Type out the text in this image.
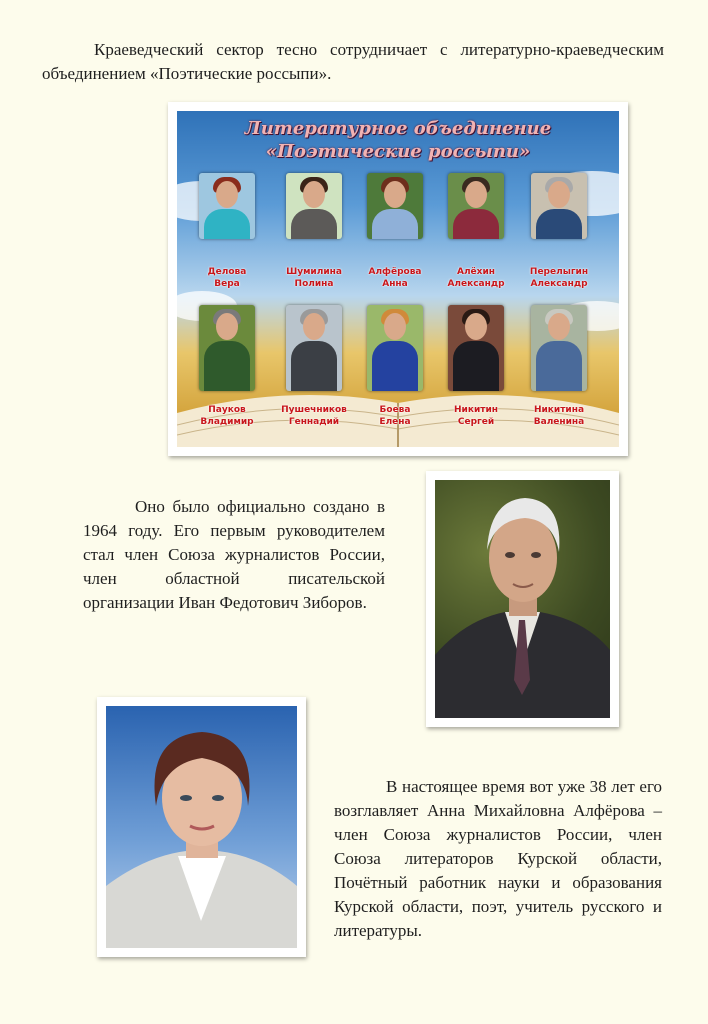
Краеведческий сектор тесно сотрудничает с литературно-краеведческим объединением «Поэтические россыпи».
Литературное объединение
«Поэтические россыпи»
Делова
Вера
Шумилина
Полина
Алфёрова
Анна
Алёхин
Александр
Перелыгин
Александр
Пауков
Владимир
Пушечников
Геннадий
Боева
Елена
Никитин
Сергей
Никитина
Валенина
Оно было официально создано в 1964 году. Его первым руководителем стал член Союза журналистов России, член областной писательской организации Иван Федотович Зиборов.
В настоящее время вот уже 38 лет его возглавляет Анна Михайловна Алфёрова – член Союза журналистов России, член Союза литераторов Курской области, Почётный работник науки и образования Курской области, поэт, учитель русского и литературы.
